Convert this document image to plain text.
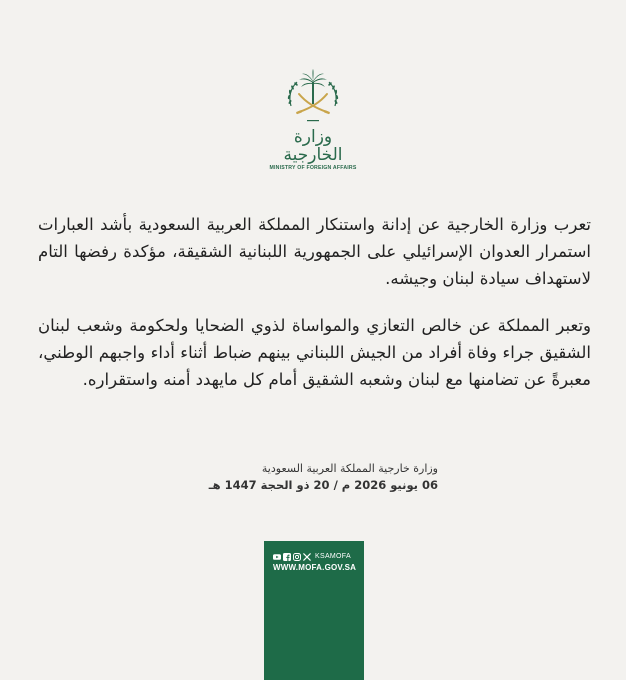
وزارة الخارجية
MINISTRY OF FOREIGN AFFAIRS

تعرب وزارة الخارجية عن إدانة واستنكار المملكة العربية السعودية بأشد العبارات استمرار العدوان الإسرائيلي على الجمهورية اللبنانية الشقيقة، مؤكدة رفضها التام لاستهداف سيادة لبنان وجيشه.

وتعبر المملكة عن خالص التعازي والمواساة لذوي الضحايا ولحكومة وشعب لبنان الشقيق جراء وفاة أفراد من الجيش اللبناني بينهم ضباط أثناء أداء واجبهم الوطني، معبرةً عن تضامنها مع لبنان وشعبه الشقيق أمام كل مايهدد أمنه واستقراره.

وزارة خارجية المملكة العربية السعودية
06 يونيو 2026 م / 20 ذو الحجة 1447 هـ
KSAMOFA
WWW.MOFA.GOV.SA
